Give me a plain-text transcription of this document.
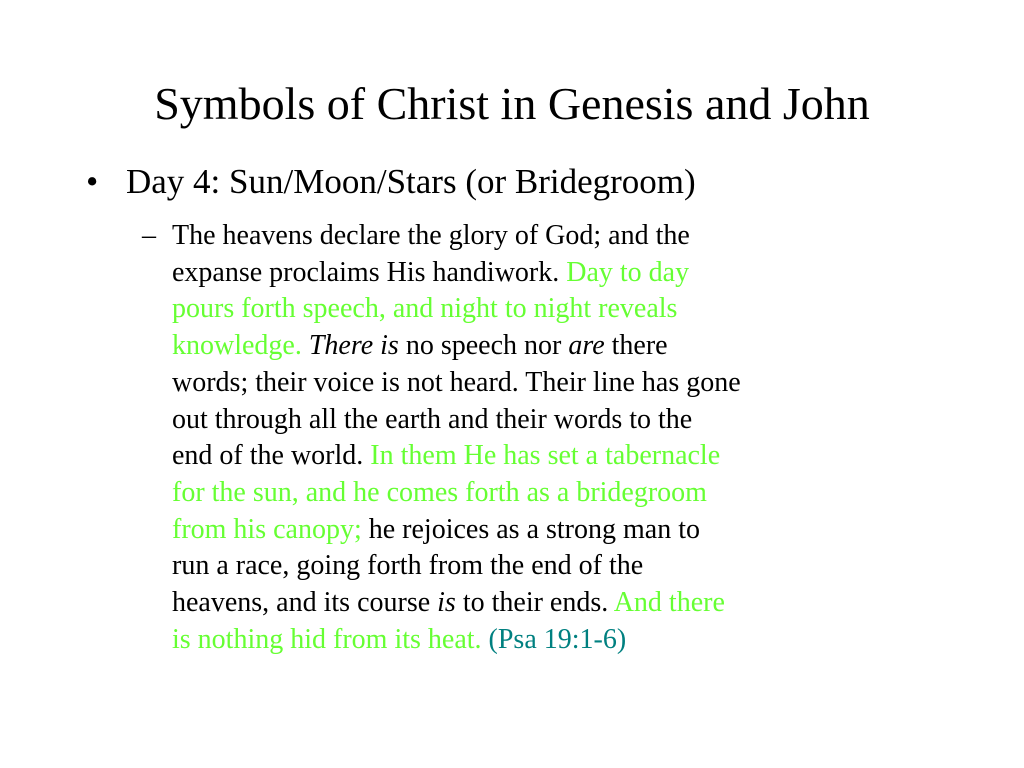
Symbols of Christ in Genesis and John
• Day 4: Sun/Moon/Stars (or Bridegroom)
– The heavens declare the glory of God; and the
expanse proclaims His handiwork. Day to day
pours forth speech, and night to night reveals
knowledge. There is no speech nor are there
words; their voice is not heard. Their line has gone
out through all the earth and their words to the
end of the world. In them He has set a tabernacle
for the sun, and he comes forth as a bridegroom
from his canopy; he rejoices as a strong man to
run a race, going forth from the end of the
heavens, and its course is to their ends. And there
is nothing hid from its heat. (Psa 19:1-6)
